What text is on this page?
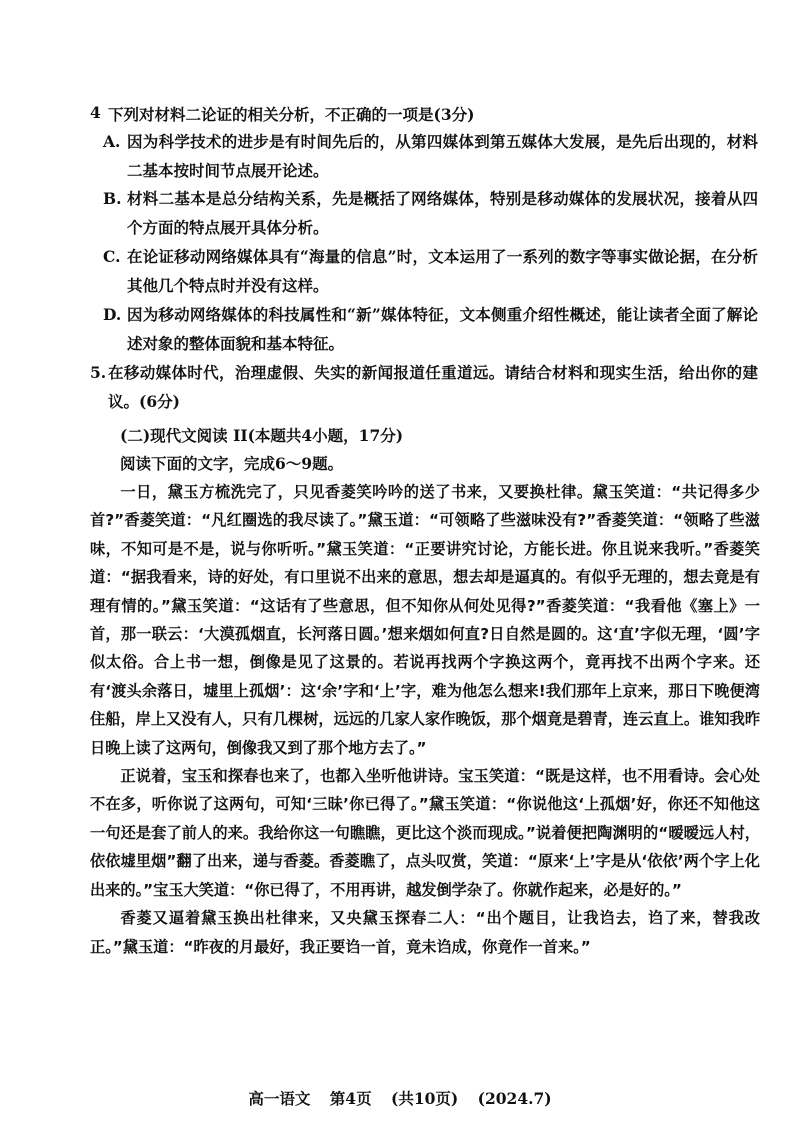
4 下列对材料二论证的相关分析，不正确的一项是(3分)
A. 因为科学技术的进步是有时间先后的，从第四媒体到第五媒体大发展，是先后出现的，材料二基本按时间节点展开论述。
B. 材料二基本是总分结构关系，先是概括了网络媒体，特别是移动媒体的发展状况，接着从四个方面的特点展开具体分析。
C. 在论证移动网络媒体具有“海量的信息”时，文本运用了一系列的数字等事实做论据，在分析其他几个特点时并没有这样。
D. 因为移动网络媒体的科技属性和“新”媒体特征，文本侧重介绍性概述，能让读者全面了解论述对象的整体面貌和基本特征。
5. 在移动媒体时代，治理虚假、失实的新闻报道任重道远。请结合材料和现实生活，给出你的建议。(6分)
(二)现代文阅读 II(本题共4小题，17分)
阅读下面的文字，完成6～9题。

一日，黛玉方梳洗完了，只见香菱笑吟吟的送了书来，又要换杜律。黛玉笑道：“共记得多少首?”香菱笑道：“凡红圈选的我尽读了。”黛玉道：“可领略了些滋味没有?”香菱笑道：“领略了些滋味，不知可是不是，说与你听听。”黛玉笑道：“正要讲究讨论，方能长进。你且说来我听。”香菱笑道：“据我看来，诗的好处，有口里说不出来的意思，想去却是逼真的。有似乎无理的，想去竟是有理有情的。”黛玉笑道：“这话有了些意思，但不知你从何处见得?”香菱笑道：“我看他《塞上》一首，那一联云：‘大漠孤烟直，长河落日圆。’想来烟如何直?日自然是圆的。这‘直’字似无理，‘圆’字似太俗。合上书一想，倒像是见了这景的。若说再找两个字换这两个，竟再找不出两个字来。还有‘渡头余落日，墟里上孤烟’：这‘余’字和‘上’字，难为他怎么想来!我们那年上京来，那日下晚便湾住船，岸上又没有人，只有几棵树，远远的几家人家作晚饭，那个烟竟是碧青，连云直上。谁知我昨日晚上读了这两句，倒像我又到了那个地方去了。”

正说着，宝玉和探春也来了，也都入坐听他讲诗。宝玉笑道：“既是这样，也不用看诗。会心处不在多，听你说了这两句，可知‘三昧’你已得了。”黛玉笑道：“你说他这‘上孤烟’好，你还不知他这一句还是套了前人的来。我给你这一句瞧瞧，更比这个淡而现成。”说着便把陶渊明的“暧暧远人村，依依墟里烟”翻了出来，递与香菱。香菱瞧了，点头叹赏，笑道：“原来‘上’字是从‘依依’两个字上化出来的。”宝玉大笑道：“你已得了，不用再讲，越发倒学杂了。你就作起来，必是好的。”

香菱又逼着黛玉换出杜律来，又央黛玉探春二人：“出个题目，让我诌去，诌了来，替我改正。”黛玉道：“昨夜的月最好，我正要诌一首，竟未诌成，你竟作一首来。”

高一语文 第4页 (共10页) (2024.7)
